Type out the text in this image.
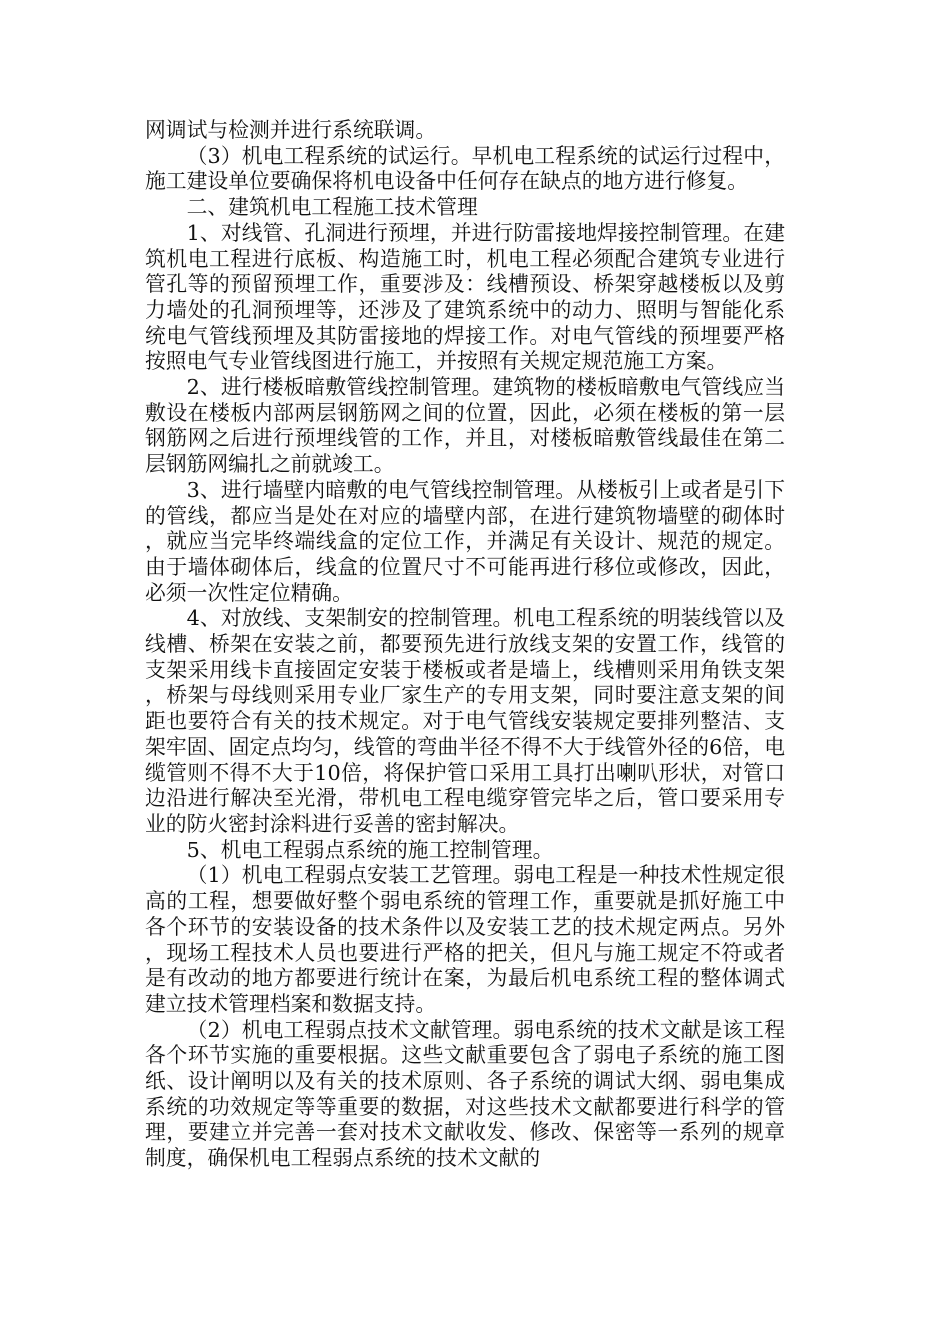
网调试与检测并进行系统联调。

（3）机电工程系统的试运行。早机电工程系统的试运行过程中，施工建设单位要确保将机电设备中任何存在缺点的地方进行修复。

二、建筑机电工程施工技术管理

1、对线管、孔洞进行预埋，并进行防雷接地焊接控制管理。在建筑机电工程进行底板、构造施工时，机电工程必须配合建筑专业进行管孔等的预留预埋工作，重要涉及：线槽预设、桥架穿越楼板以及剪力墙处的孔洞预埋等，还涉及了建筑系统中的动力、照明与智能化系统电气管线预埋及其防雷接地的焊接工作。对电气管线的预埋要严格按照电气专业管线图进行施工，并按照有关规定规范施工方案。

2、进行楼板暗敷管线控制管理。建筑物的楼板暗敷电气管线应当敷设在楼板内部两层钢筋网之间的位置，因此，必须在楼板的第一层钢筋网之后进行预埋线管的工作，并且，对楼板暗敷管线最佳在第二层钢筋网编扎之前就竣工。

3、进行墙壁内暗敷的电气管线控制管理。从楼板引上或者是引下的管线，都应当是处在对应的墙壁内部，在进行建筑物墙壁的砌体时，就应当完毕终端线盒的定位工作，并满足有关设计、规范的规定。由于墙体砌体后，线盒的位置尺寸不可能再进行移位或修改，因此，必须一次性定位精确。

4、对放线、支架制安的控制管理。机电工程系统的明装线管以及线槽、桥架在安装之前，都要预先进行放线支架的安置工作，线管的支架采用线卡直接固定安装于楼板或者是墙上，线槽则采用角铁支架，桥架与母线则采用专业厂家生产的专用支架，同时要注意支架的间距也要符合有关的技术规定。对于电气管线安装规定要排列整洁、支架牢固、固定点均匀，线管的弯曲半径不得不大于线管外径的6倍，电缆管则不得不大于10倍，将保护管口采用工具打出喇叭形状，对管口边沿进行解决至光滑，带机电工程电缆穿管完毕之后，管口要采用专业的防火密封涂料进行妥善的密封解决。

5、机电工程弱点系统的施工控制管理。

（1）机电工程弱点安装工艺管理。弱电工程是一种技术性规定很高的工程，想要做好整个弱电系统的管理工作，重要就是抓好施工中各个环节的安装设备的技术条件以及安装工艺的技术规定两点。另外，现场工程技术人员也要进行严格的把关，但凡与施工规定不符或者是有改动的地方都要进行统计在案，为最后机电系统工程的整体调式建立技术管理档案和数据支持。

（2）机电工程弱点技术文献管理。弱电系统的技术文献是该工程各个环节实施的重要根据。这些文献重要包含了弱电子系统的施工图纸、设计阐明以及有关的技术原则、各子系统的调试大纲、弱电集成系统的功效规定等等重要的数据，对这些技术文献都要进行科学的管理，要建立并完善一套对技术文献收发、修改、保密等一系列的规章制度，确保机电工程弱点系统的技术文献的
